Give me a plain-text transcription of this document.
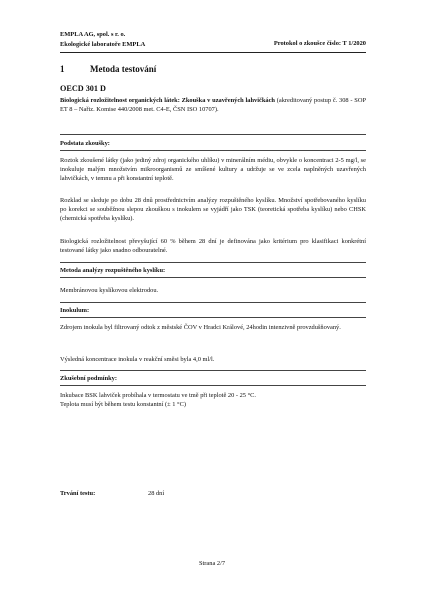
EMPLA AG, spol. s r. o.
Ekologické laboratoře EMPLA	Protokol o zkoušce číslo: T 1/2020
1	Metoda testování
OECD 301 D
Biologická rozložitelnost organických látek: Zkouška v uzavřených lahvičkách (akreditovaný postup č. 308 - SOP ET 8 – Nařiz. Komise 440/2008 met. C4-E, ČSN ISO 10707).
Podstata zkoušky:
Roztok zkoušené látky (jako jediný zdroj organického uhlíku) v minerálním médiu, obvykle o koncentraci 2-5 mg/l, se inokuluje malým množstvím mikroorganismů ze smíšené kultury a udržuje se ve zcela naplněných uzavřených lahvičkách, v temnu a při konstantní teplotě.
Rozklad se sleduje po dobu 28 dnů prostřednictvím analýzy rozpuštěného kyslíku. Množství spotřebovaného kyslíku po korekci se souběžnou slepou zkouškou s inokulem se vyjádří jako TSK (teoretická spotřeba kyslíku) nebo CHSK (chemická spotřeba kyslíku).
Biologická rozložitelnost převyšující 60 % během 28 dní je definována jako kritérium pro klasifikaci konkrétní testované látky jako snadno odbouratelné.
Metoda analýzy rozpuštěného kyslíku:
Membránovou kyslíkovou elektrodou.
Inokulum:
Zdrojem inokula byl filtrovaný odtok z městské ČOV v Hradci Králové, 24hodin intenzivně provzdušňovaný.
Výsledná koncentrace inokula v reakční směsi byla 4,0 ml/l.
Zkušební podmínky:
Inkubace BSK lahviček probíhala v termostatu ve tmě při teplotě 20 - 25 °C.
Teplota musí být během testu konstantní (± 1 °C)
Trvání testu:	28 dní
Strana 2/7
